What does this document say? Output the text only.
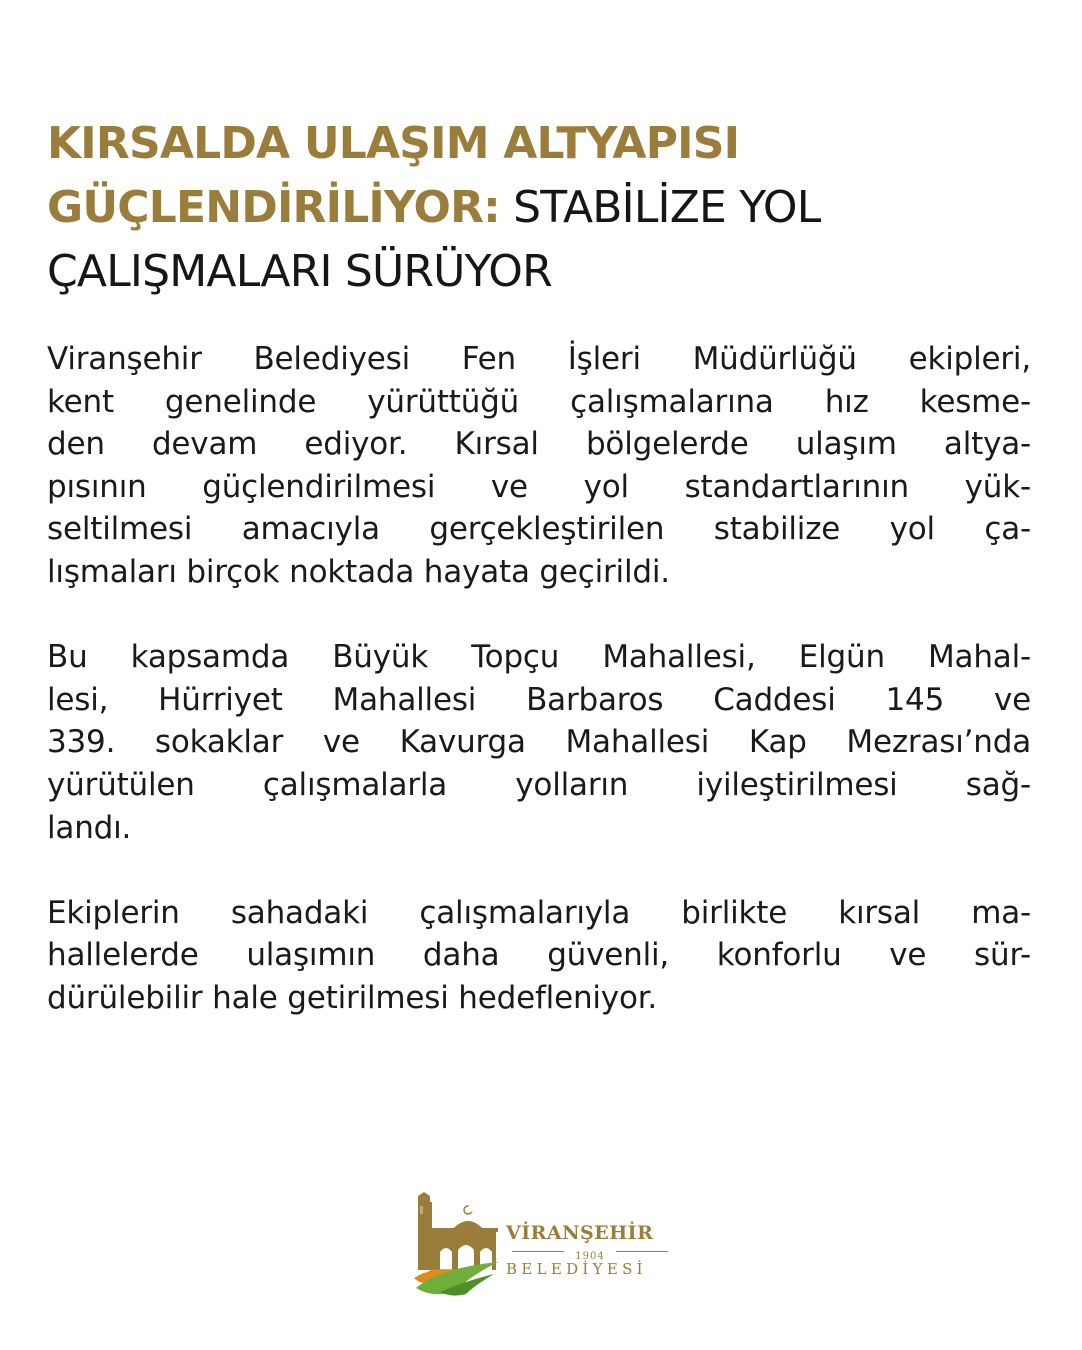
KIRSALDA ULAŞIM ALTYAPISI
GÜÇLENDİRİLİYOR: STABİLİZE YOL
ÇALIŞMALARI SÜRÜYOR

Viranşehir Belediyesi Fen İşleri Müdürlüğü ekipleri,
kent genelinde yürüttüğü çalışmalarına hız kesme-
den devam ediyor. Kırsal bölgelerde ulaşım altya-
pısının güçlendirilmesi ve yol standartlarının yük-
seltilmesi amacıyla gerçekleştirilen stabilize yol ça-
lışmaları birçok noktada hayata geçirildi.

Bu kapsamda Büyük Topçu Mahallesi, Elgün Mahal-
lesi, Hürriyet Mahallesi Barbaros Caddesi 145 ve
339. sokaklar ve Kavurga Mahallesi Kap Mezrası’nda
yürütülen çalışmalarla yolların iyileştirilmesi sağ-
landı.

Ekiplerin sahadaki çalışmalarıyla birlikte kırsal ma-
hallelerde ulaşımın daha güvenli, konforlu ve sür-
dürülebilir hale getirilmesi hedefleniyor.

VİRANŞEHİR
1904
BELEDİYESİ
